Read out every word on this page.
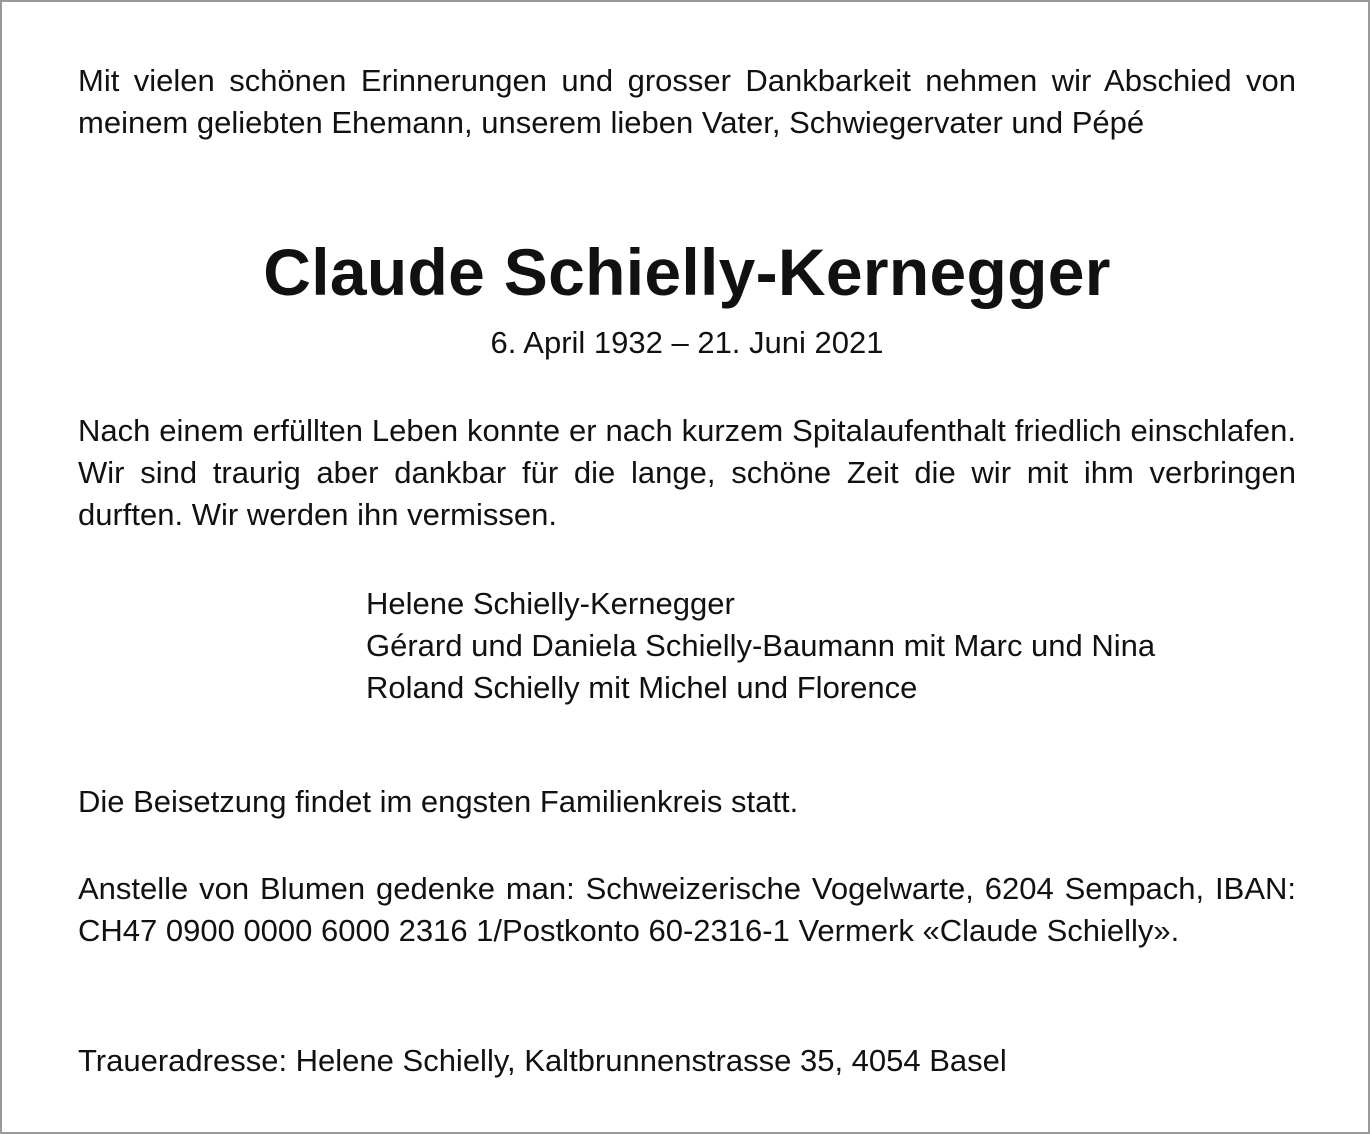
Mit vielen schönen Erinnerungen und grosser Dankbarkeit nehmen wir Abschied von meinem geliebten Ehemann, unserem lieben Vater, Schwiegervater und Pépé

Claude Schielly-Kernegger

6. April 1932 – 21. Juni 2021

Nach einem erfüllten Leben konnte er nach kurzem Spitalaufenthalt friedlich einschlafen. Wir sind traurig aber dankbar für die lange, schöne Zeit die wir mit ihm verbringen durften. Wir werden ihn vermissen.

Helene Schielly-Kernegger
Gérard und Daniela Schielly-Baumann mit Marc und Nina
Roland Schielly mit Michel und Florence

Die Beisetzung findet im engsten Familienkreis statt.

Anstelle von Blumen gedenke man: Schweizerische Vogelwarte, 6204 Sempach, IBAN: CH47 0900 0000 6000 2316 1/Postkonto 60-2316-1 Vermerk «Claude Schielly».

Traueradresse: Helene Schielly, Kaltbrunnenstrasse 35, 4054 Basel
